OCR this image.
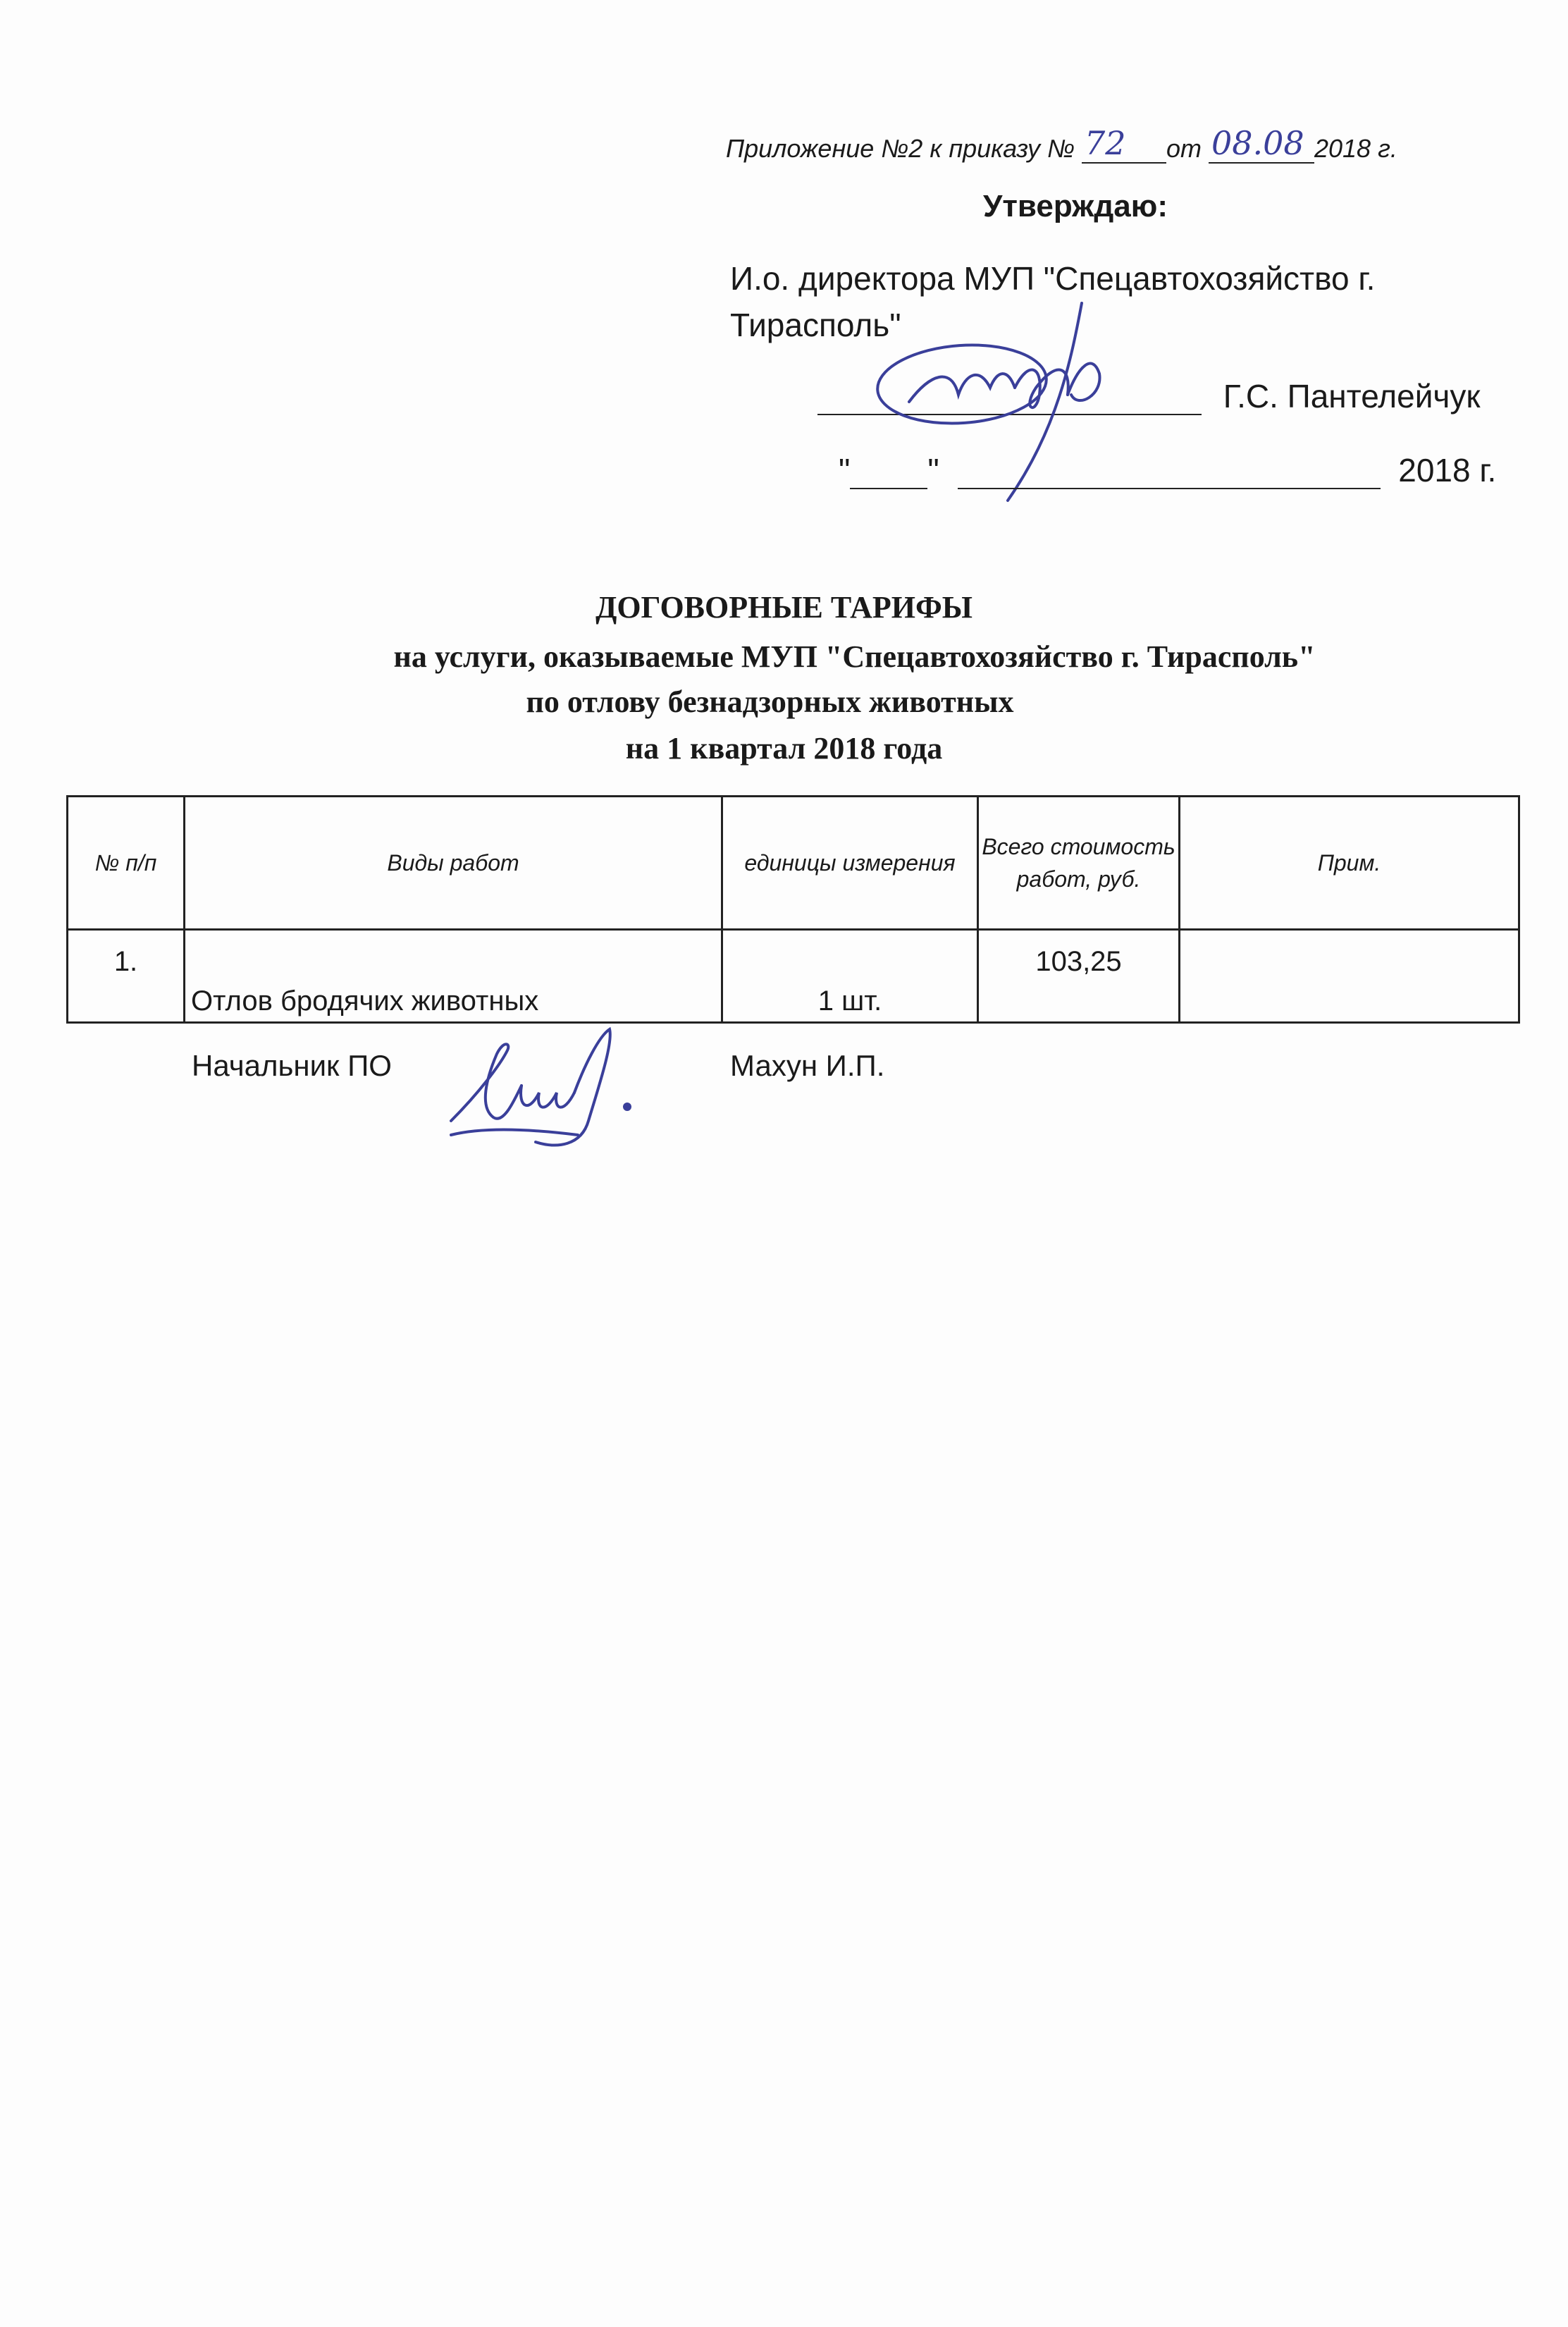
Приложение №2 к приказу № 72 от 08.08 2018 г.
Утверждаю:
И.о. директора МУП "Спецавтохозяйство г. Тирасполь"
Г.С. Пантелейчук
" "	2018 г.
ДОГОВОРНЫЕ ТАРИФЫ
на услуги, оказываемые МУП "Спецавтохозяйство г. Тирасполь"
по отлову безнадзорных животных
на 1 квартал 2018 года
№ п/п	Виды работ	единицы измерения	Всего стоимость работ, руб.	Прим.
1.	Отлов бродячих животных	1 шт.	103,25	
Начальник ПО	Махун И.П.
